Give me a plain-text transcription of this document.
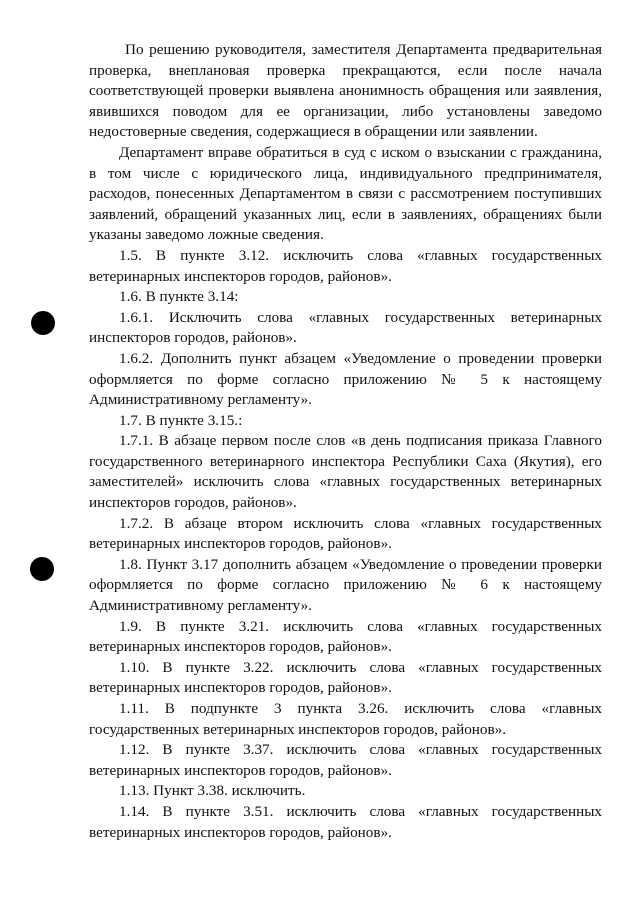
По решению руководителя, заместителя Департамента предварительная проверка, внеплановая проверка прекращаются, если после начала соответствующей проверки выявлена анонимность обращения или заявления, явившихся поводом для ее организации, либо установлены заведомо недостоверные сведения, содержащиеся в обращении или заявлении.

Департамент вправе обратиться в суд с иском о взыскании с гражданина, в том числе с юридического лица, индивидуального предпринимателя, расходов, понесенных Департаментом в связи с рассмотрением поступивших заявлений, обращений указанных лиц, если в заявлениях, обращениях были указаны заведомо ложные сведения.

1.5. В пункте 3.12. исключить слова «главных государственных ветеринарных инспекторов городов, районов».

1.6. В пункте 3.14:

1.6.1. Исключить слова «главных государственных ветеринарных инспекторов городов, районов».

1.6.2. Дополнить пункт абзацем «Уведомление о проведении проверки оформляется по форме согласно приложению № 5 к настоящему Административному регламенту».

1.7. В пункте 3.15.:

1.7.1. В абзаце первом после слов «в день подписания приказа Главного государственного ветеринарного инспектора Республики Саха (Якутия), его заместителей» исключить слова «главных государственных ветеринарных инспекторов городов, районов».

1.7.2. В абзаце втором исключить слова «главных государственных ветеринарных инспекторов городов, районов».

1.8. Пункт 3.17 дополнить абзацем «Уведомление о проведении проверки оформляется по форме согласно приложению № 6 к настоящему Административному регламенту».

1.9. В пункте 3.21. исключить слова «главных государственных ветеринарных инспекторов городов, районов».

1.10. В пункте 3.22. исключить слова «главных государственных ветеринарных инспекторов городов, районов».

1.11. В подпункте 3 пункта 3.26. исключить слова «главных государственных ветеринарных инспекторов городов, районов».

1.12. В пункте 3.37. исключить слова «главных государственных ветеринарных инспекторов городов, районов».

1.13. Пункт 3.38. исключить.

1.14. В пункте 3.51. исключить слова «главных государственных ветеринарных инспекторов городов, районов».
